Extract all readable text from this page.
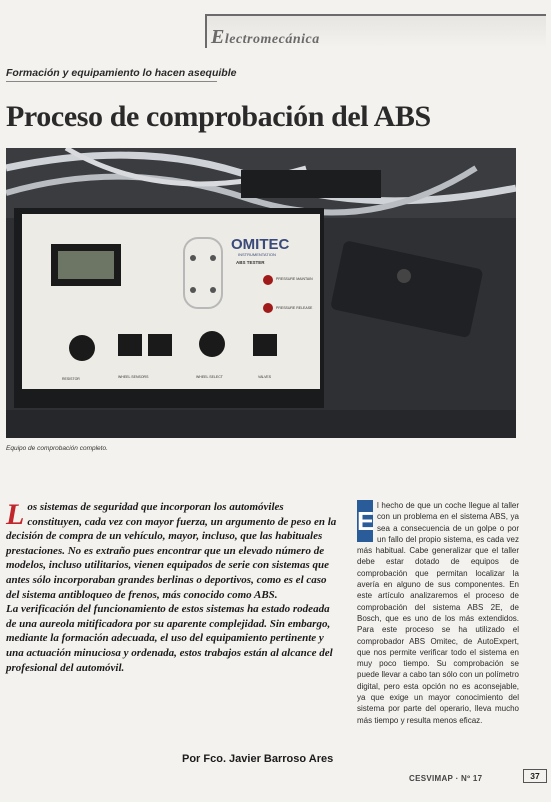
Electromecánica
Formación y equipamiento lo hacen asequible
Proceso de comprobación del ABS
OMITEC
INSTRUMENTATION
ABS TESTER
PRESSURE MAINTAIN
PRESSURE RELEASE
RESISTOR	WHEEL SENSORS	WHEEL SELECT	VALVES
Equipo de comprobación completo.
L os sistemas de seguridad que incorporan los automóviles constituyen, cada vez con mayor fuerza, un argumento de peso en la decisión de compra de un vehículo, mayor, incluso, que las habituales prestaciones. No es extraño pues encontrar que un elevado número de modelos, incluso utilitarios, vienen equipados de serie con sistemas que antes sólo incorporaban grandes berlinas o deportivos, como es el caso del sistema antibloqueo de frenos, más conocido como ABS.

La verificación del funcionamiento de estos sistemas ha estado rodeada de una aureola mitificadora por su aparente complejidad. Sin embargo, mediante la formación adecuada, el uso del equipamiento pertinente y una actuación minuciosa y ordenada, estos trabajos están al alcance del profesional del automóvil.

Por Fco. Javier Barroso Ares
E

l hecho de que un coche llegue al taller con un problema en el sistema ABS, ya sea a consecuencia de un golpe o por un fallo del propio sistema, es cada vez más habitual. Cabe generalizar que el taller debe estar dotado de equipos de comprobación que permitan localizar la avería en alguno de sus componentes. En este artículo analizaremos el proceso de comprobación del sistema ABS 2E, de Bosch, que es uno de los más extendidos. Para este proceso se ha utilizado el comprobador ABS Omitec, de AutoExpert, que nos permite verificar todo el sistema en muy poco tiempo. Su comprobación se puede llevar a cabo tan sólo con un polímetro digital, pero esta opción no es aconsejable, ya que exige un mayor conocimiento del sistema por parte del operario, lleva mucho más tiempo y resulta menos eficaz.

CESVIMAP · Nº 17	37
